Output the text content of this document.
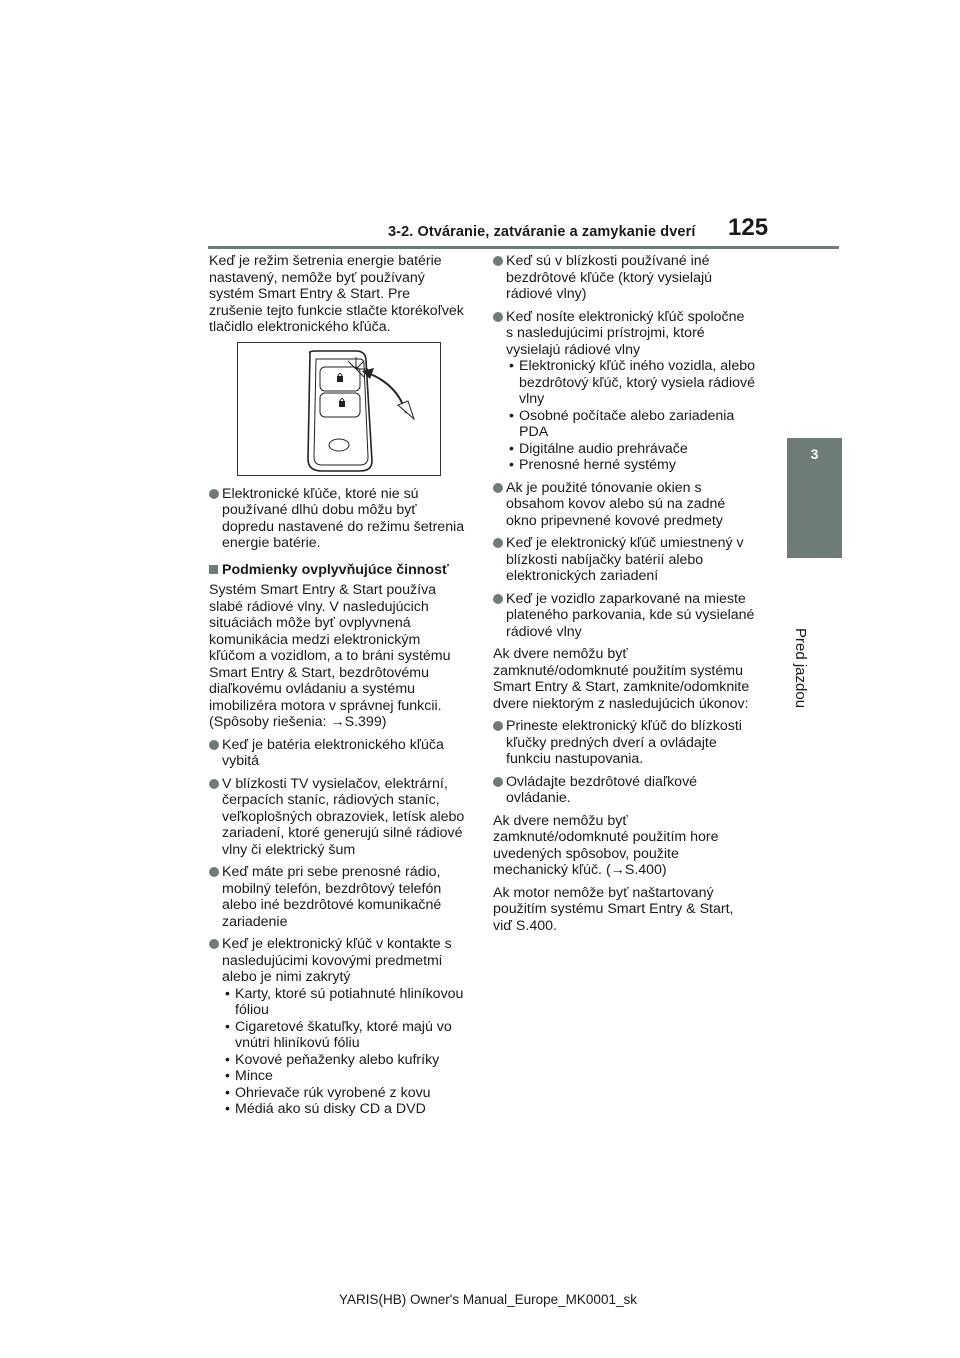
3-2. Otváranie, zatváranie a zamykanie dverí 125
3
Pred jazdou

Keď je režim šetrenia energie batérie nastavený, nemôže byť používaný systém Smart Entry & Start. Pre zrušenie tejto funkcie stlačte ktorékoľvek tlačidlo elektronického kľúča.

Elektronické kľúče, ktoré nie sú používané dlhú dobu môžu byť dopredu nastavené do režimu šetrenia energie batérie.
Podmienky ovplyvňujúce činnosť

Systém Smart Entry & Start používa slabé rádiové vlny. V nasledujúcich situáciách môže byť ovplyvnená komunikácia medzi elektronickým kľúčom a vozidlom, a to bráni systému Smart Entry & Start, bezdrôtovému diaľkovému ovládaniu a systému imobilizéra motora v správnej funkcii. (Spôsoby riešenia: →S.399)

Keď je batéria elektronického kľúča vybitá
V blízkosti TV vysielačov, elektrární, čerpacích staníc, rádiových staníc, veľkoplošných obrazoviek, letísk alebo zariadení, ktoré generujú silné rádiové vlny či elektrický šum
Keď máte pri sebe prenosné rádio, mobilný telefón, bezdrôtový telefón alebo iné bezdrôtové komunikačné zariadenie
Keď je elektronický kľúč v kontakte s nasledujúcimi kovovými predmetmi alebo je nimi zakrytý
• Karty, ktoré sú potiahnuté hliníkovou fóliou
• Cigaretové škatuľky, ktoré majú vo vnútri hliníkovú fóliu
• Kovové peňaženky alebo kufríky
• Mince
• Ohrievače rúk vyrobené z kovu
• Médiá ako sú disky CD a DVD
Keď sú v blízkosti používané iné bezdrôtové kľúče (ktorý vysielajú rádiové vlny)
Keď nosíte elektronický kľúč spoločne s nasledujúcimi prístrojmi, ktoré vysielajú rádiové vlny
• Elektronický kľúč iného vozidla, alebo bezdrôtový kľúč, ktorý vysiela rádiové vlny
• Osobné počítače alebo zariadenia PDA
• Digitálne audio prehrávače
• Prenosné herné systémy
Ak je použité tónovanie okien s obsahom kovov alebo sú na zadné okno pripevnené kovové predmety
Keď je elektronický kľúč umiestnený v blízkosti nabíjačky batérií alebo elektronických zariadení
Keď je vozidlo zaparkované na mieste plateného parkovania, kde sú vysielané rádiové vlny

Ak dvere nemôžu byť zamknuté/odomknuté použitím systému Smart Entry & Start, zamknite/odomknite dvere niektorým z nasledujúcich úkonov:

Prineste elektronický kľúč do blízkosti kľučky predných dverí a ovládajte funkciu nastupovania.
Ovládajte bezdrôtové diaľkové ovládanie.

Ak dvere nemôžu byť zamknuté/odomknuté použitím hore uvedených spôsobov, použite mechanický kľúč. (→S.400)

Ak motor nemôže byť naštartovaný použitím systému Smart Entry & Start, viď S.400.

YARIS(HB) Owner's Manual_Europe_MK0001_sk
